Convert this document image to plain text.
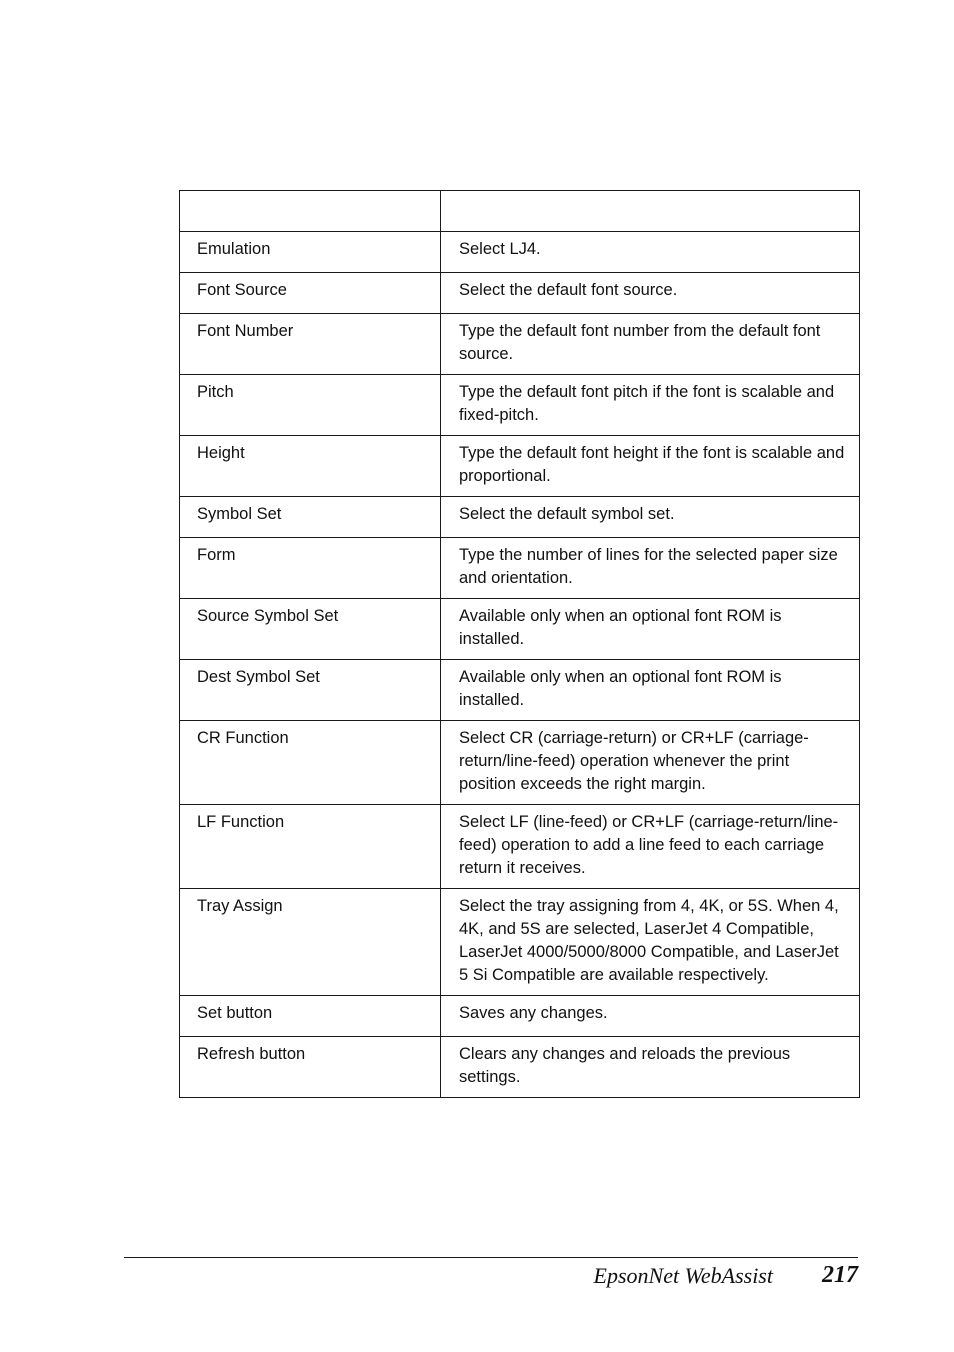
Emulation	Select LJ4.
Font Source	Select the default font source.
Font Number	Type the default font number from the default font source.
Pitch	Type the default font pitch if the font is scalable and fixed-pitch.
Height	Type the default font height if the font is scalable and proportional.
Symbol Set	Select the default symbol set.
Form	Type the number of lines for the selected paper size and orientation.
Source Symbol Set	Available only when an optional font ROM is installed.
Dest Symbol Set	Available only when an optional font ROM is installed.
CR Function	Select CR (carriage-return) or CR+LF (carriage-return/line-feed) operation whenever the print position exceeds the right margin.
LF Function	Select LF (line-feed) or CR+LF (carriage-return/line-feed) operation to add a line feed to each carriage return it receives.
Tray Assign	Select the tray assigning from 4, 4K, or 5S. When 4, 4K, and 5S are selected, LaserJet 4 Compatible, LaserJet 4000/5000/8000 Compatible, and LaserJet 5 Si Compatible are available respectively.
Set button	Saves any changes.
Refresh button	Clears any changes and reloads the previous settings.
EpsonNet WebAssist 217
